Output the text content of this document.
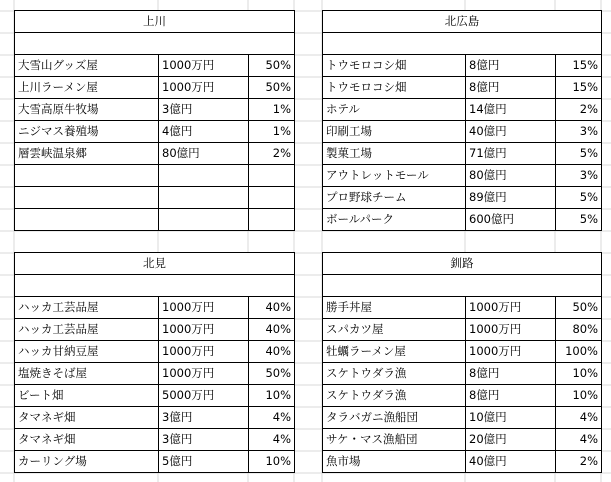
上川		

大雪山グッズ屋	1000万円	50%
上川ラーメン屋	1000万円	50%
大雪高原牛牧場	3億円	1%
ニジマス養殖場	4億円	1%
層雲峡温泉郷	80億円	2%

北広島		

トウモロコシ畑	8億円	15%
トウモロコシ畑	8億円	15%
ホテル	14億円	2%
印刷工場	40億円	3%
製菓工場	71億円	5%
アウトレットモール	80億円	3%
プロ野球チーム	89億円	5%
ボールパーク	600億円	5%
北見		

ハッカ工芸品屋	1000万円	40%
ハッカ工芸品屋	1000万円	40%
ハッカ甘納豆屋	1000万円	40%
塩焼きそば屋	1000万円	50%
ビート畑	5000万円	10%
タマネギ畑	3億円	4%
タマネギ畑	3億円	4%
カーリング場	5億円	10%
釧路		

勝手丼屋	1000万円	50%
スパカツ屋	1000万円	80%
牡蠣ラーメン屋	1000万円	100%
スケトウダラ漁	8億円	10%
スケトウダラ漁	8億円	10%
タラバガニ漁船団	10億円	4%
サケ・マス漁船団	20億円	4%
魚市場	40億円	2%
